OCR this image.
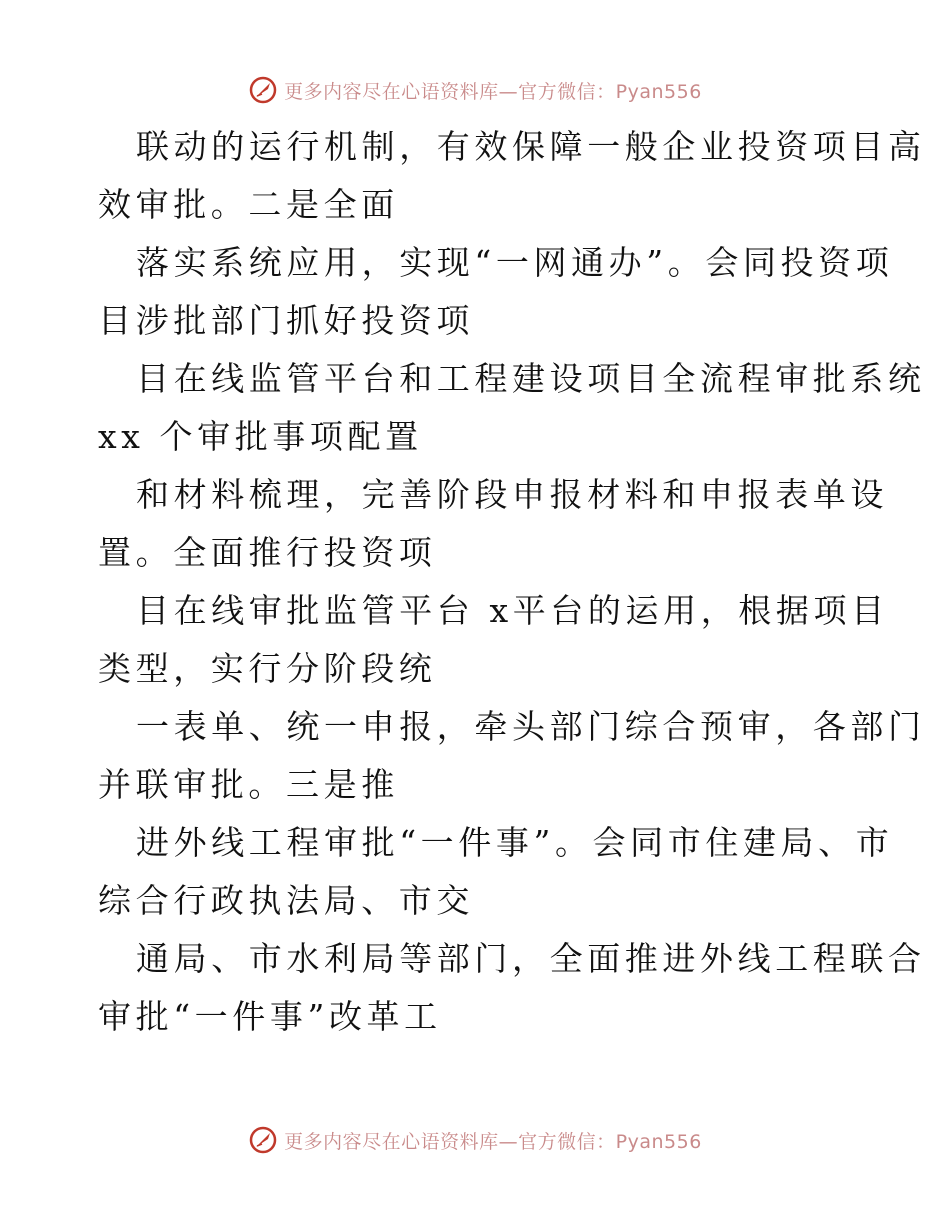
更多内容尽在心语资料库—官方微信：Pyan556
联动的运行机制，有效保障一般企业投资项目高
效审批。二是全面
落实系统应用，实现“一网通办”。会同投资项
目涉批部门抓好投资项
目在线监管平台和工程建设项目全流程审批系统
xx 个审批事项配置
和材料梳理，完善阶段申报材料和申报表单设
置。全面推行投资项
目在线审批监管平台 x平台的运用，根据项目
类型，实行分阶段统
一表单、统一申报，牵头部门综合预审，各部门
并联审批。三是推
进外线工程审批“一件事”。会同市住建局、市
综合行政执法局、市交
通局、市水利局等部门，全面推进外线工程联合
审批“一件事”改革工
更多内容尽在心语资料库—官方微信：Pyan556
